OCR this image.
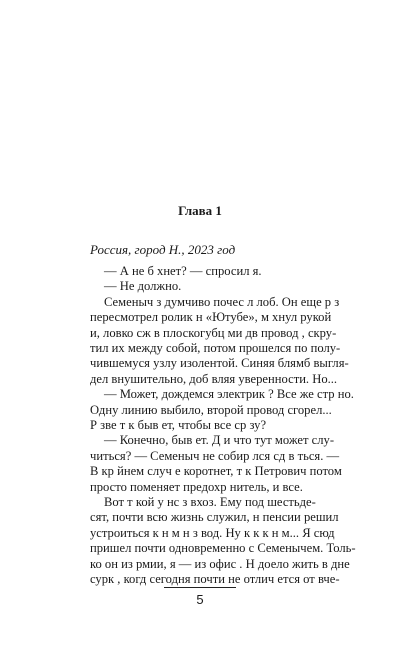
Глава 1
Россия, город Н., 2023 год
— А не б хнет? — спросил я.
— Не должно.
Семеныч з думчиво почес л лоб. Он еще р з
пересмотрел ролик н «Ютубе», м хнул рукой
и, ловко сж в плоскогубц ми дв провод , скру-
тил их между собой, потом прошелся по полу-
чившемуся узлу изолентой. Синяя блямб выгля-
дел внушительно, доб вляя уверенности. Но...
— Может, дождемся электрик ? Все же стр но.
Одну линию выбило, второй провод сгорел...
Р зве т к быв ет, чтобы все ср зу?
— Конечно, быв ет. Д и что тут может слу-
читься? — Семеныч не собир лся сд в ться. —
В кр йнем случ е коротнет, т к Петрович потом
просто поменяет предохр нитель, и все.
Вот т кой у нс з вхоз. Ему под шестьде-
сят, почти всю жизнь служил, н пенсии решил
устроиться к н м н з вод. Ну к к к н м... Я сюд
пришел почти одновременно с Семенычем. Толь-
5
ко он из рмии, я — из офис . Н доело жить в дне
сурк , когд сегодня почти не отлич ется от вче-
